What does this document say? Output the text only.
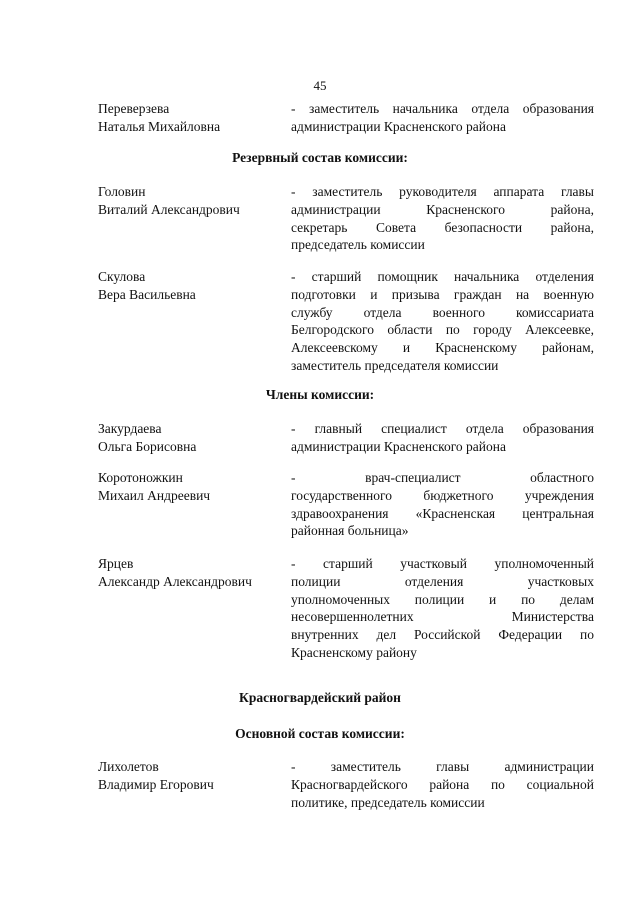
45
Переверзева
Наталья Михайловна
- заместитель начальника отдела образования
администрации Красненского района
Резервный состав комиссии:
Головин
Виталий Александрович
- заместитель руководителя аппарата главы
администрации Красненского района,
секретарь Совета безопасности района,
председатель комиссии
Скулова
Вера Васильевна
- старший помощник начальника отделения
подготовки и призыва граждан на военную
службу отдела военного комиссариата
Белгородского области по городу Алексеевке,
Алексеевскому и Красненскому районам,
заместитель председателя комиссии
Члены комиссии:
Закурдаева
Ольга Борисовна
- главный специалист отдела образования
администрации Красненского района
Коротоножкин
Михаил Андреевич
- врач-специалист областного
государственного бюджетного учреждения
здравоохранения «Красненская центральная
районная больница»
Ярцев
Александр Александрович
- старший участковый уполномоченный
полиции отделения участковых
уполномоченных полиции и по делам
несовершеннолетних Министерства
внутренних дел Российской Федерации по
Красненскому району
Красногвардейский район
Основной состав комиссии:
Лихолетов
Владимир Егорович
- заместитель главы администрации
Красногвардейского района по социальной
политике, председатель комиссии
